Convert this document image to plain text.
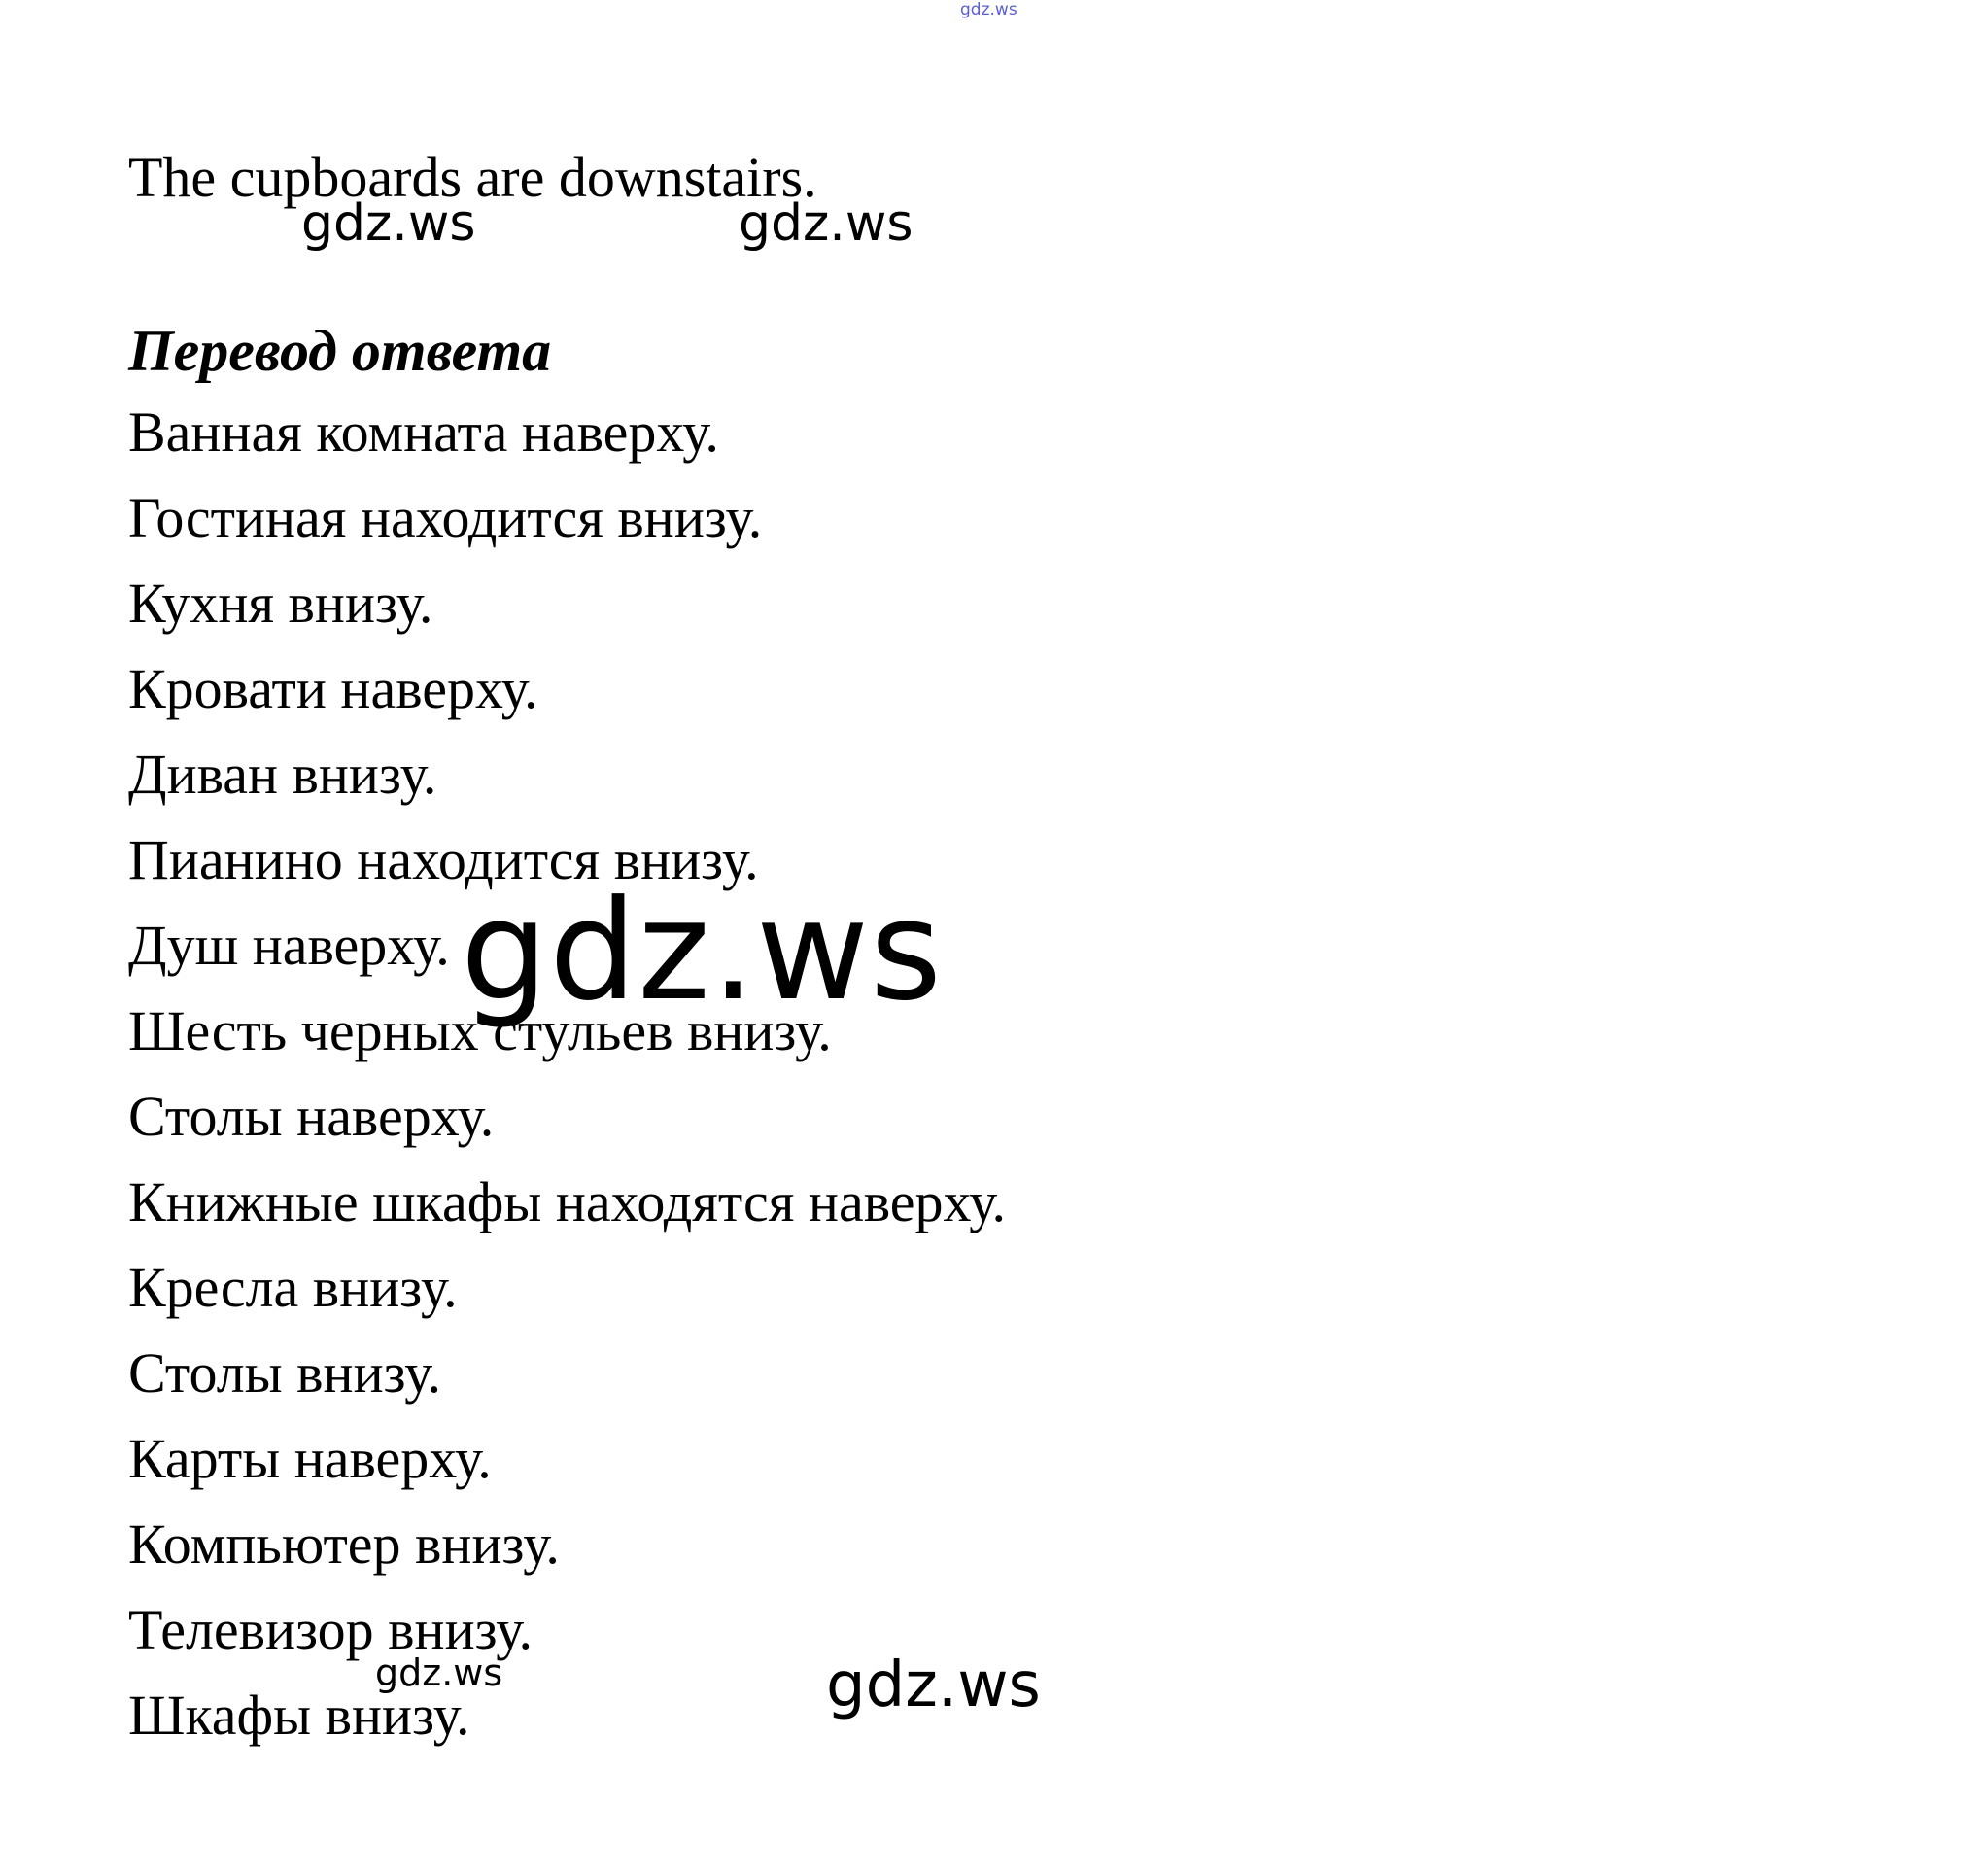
gdz.ws
The cupboards are downstairs.
gdz.ws	gdz.ws
Перевод ответа
Ванная комната наверху.
Гостиная находится внизу.
Кухня внизу.
Кровати наверху.
Диван внизу.
Пианино находится внизу.
Душ наверху.
Шесть черных стульев внизу.
Столы наверху.
Книжные шкафы находятся наверху.
Кресла внизу.
Столы внизу.
Карты наверху.
Компьютер внизу.
Телевизор внизу.
Шкафы внизу.
gdz.ws
gdz.ws	gdz.ws
